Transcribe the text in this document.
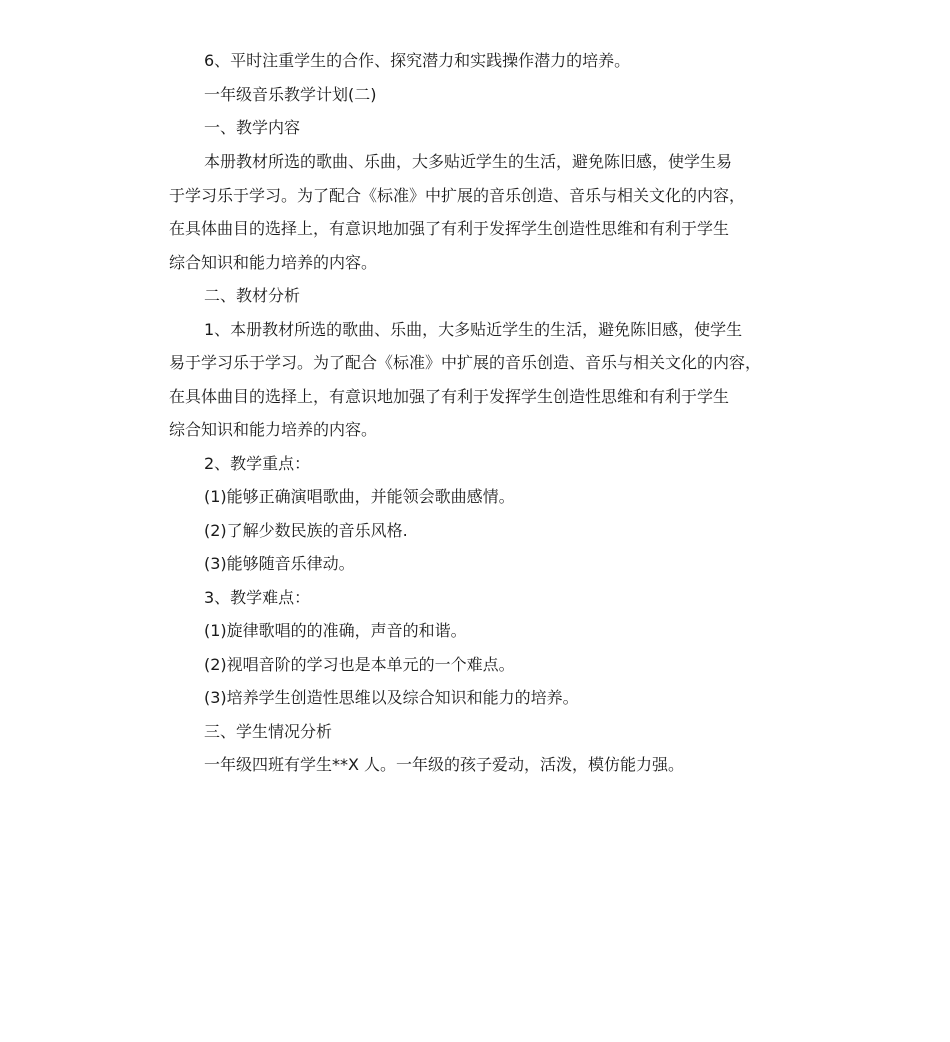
6、平时注重学生的合作、探究潜力和实践操作潜力的培养。
一年级音乐教学计划(二)
一、教学内容
本册教材所选的歌曲、乐曲，大多贴近学生的生活，避免陈旧感，使学生易
于学习乐于学习。为了配合《标准》中扩展的音乐创造、音乐与相关文化的内容，
在具体曲目的选择上，有意识地加强了有利于发挥学生创造性思维和有利于学生
综合知识和能力培养的内容。
二、教材分析
1、本册教材所选的歌曲、乐曲，大多贴近学生的生活，避免陈旧感，使学生
易于学习乐于学习。为了配合《标准》中扩展的音乐创造、音乐与相关文化的内容，
在具体曲目的选择上，有意识地加强了有利于发挥学生创造性思维和有利于学生
综合知识和能力培养的内容。
2、教学重点：
(1)能够正确演唱歌曲，并能领会歌曲感情。
(2)了解少数民族的音乐风格.
(3)能够随音乐律动。
3、教学难点：
(1)旋律歌唱的的准确，声音的和谐。
(2)视唱音阶的学习也是本单元的一个难点。
(3)培养学生创造性思维以及综合知识和能力的培养。
三、学生情况分析
一年级四班有学生**X 人。一年级的孩子爱动，活泼，模仿能力强。
